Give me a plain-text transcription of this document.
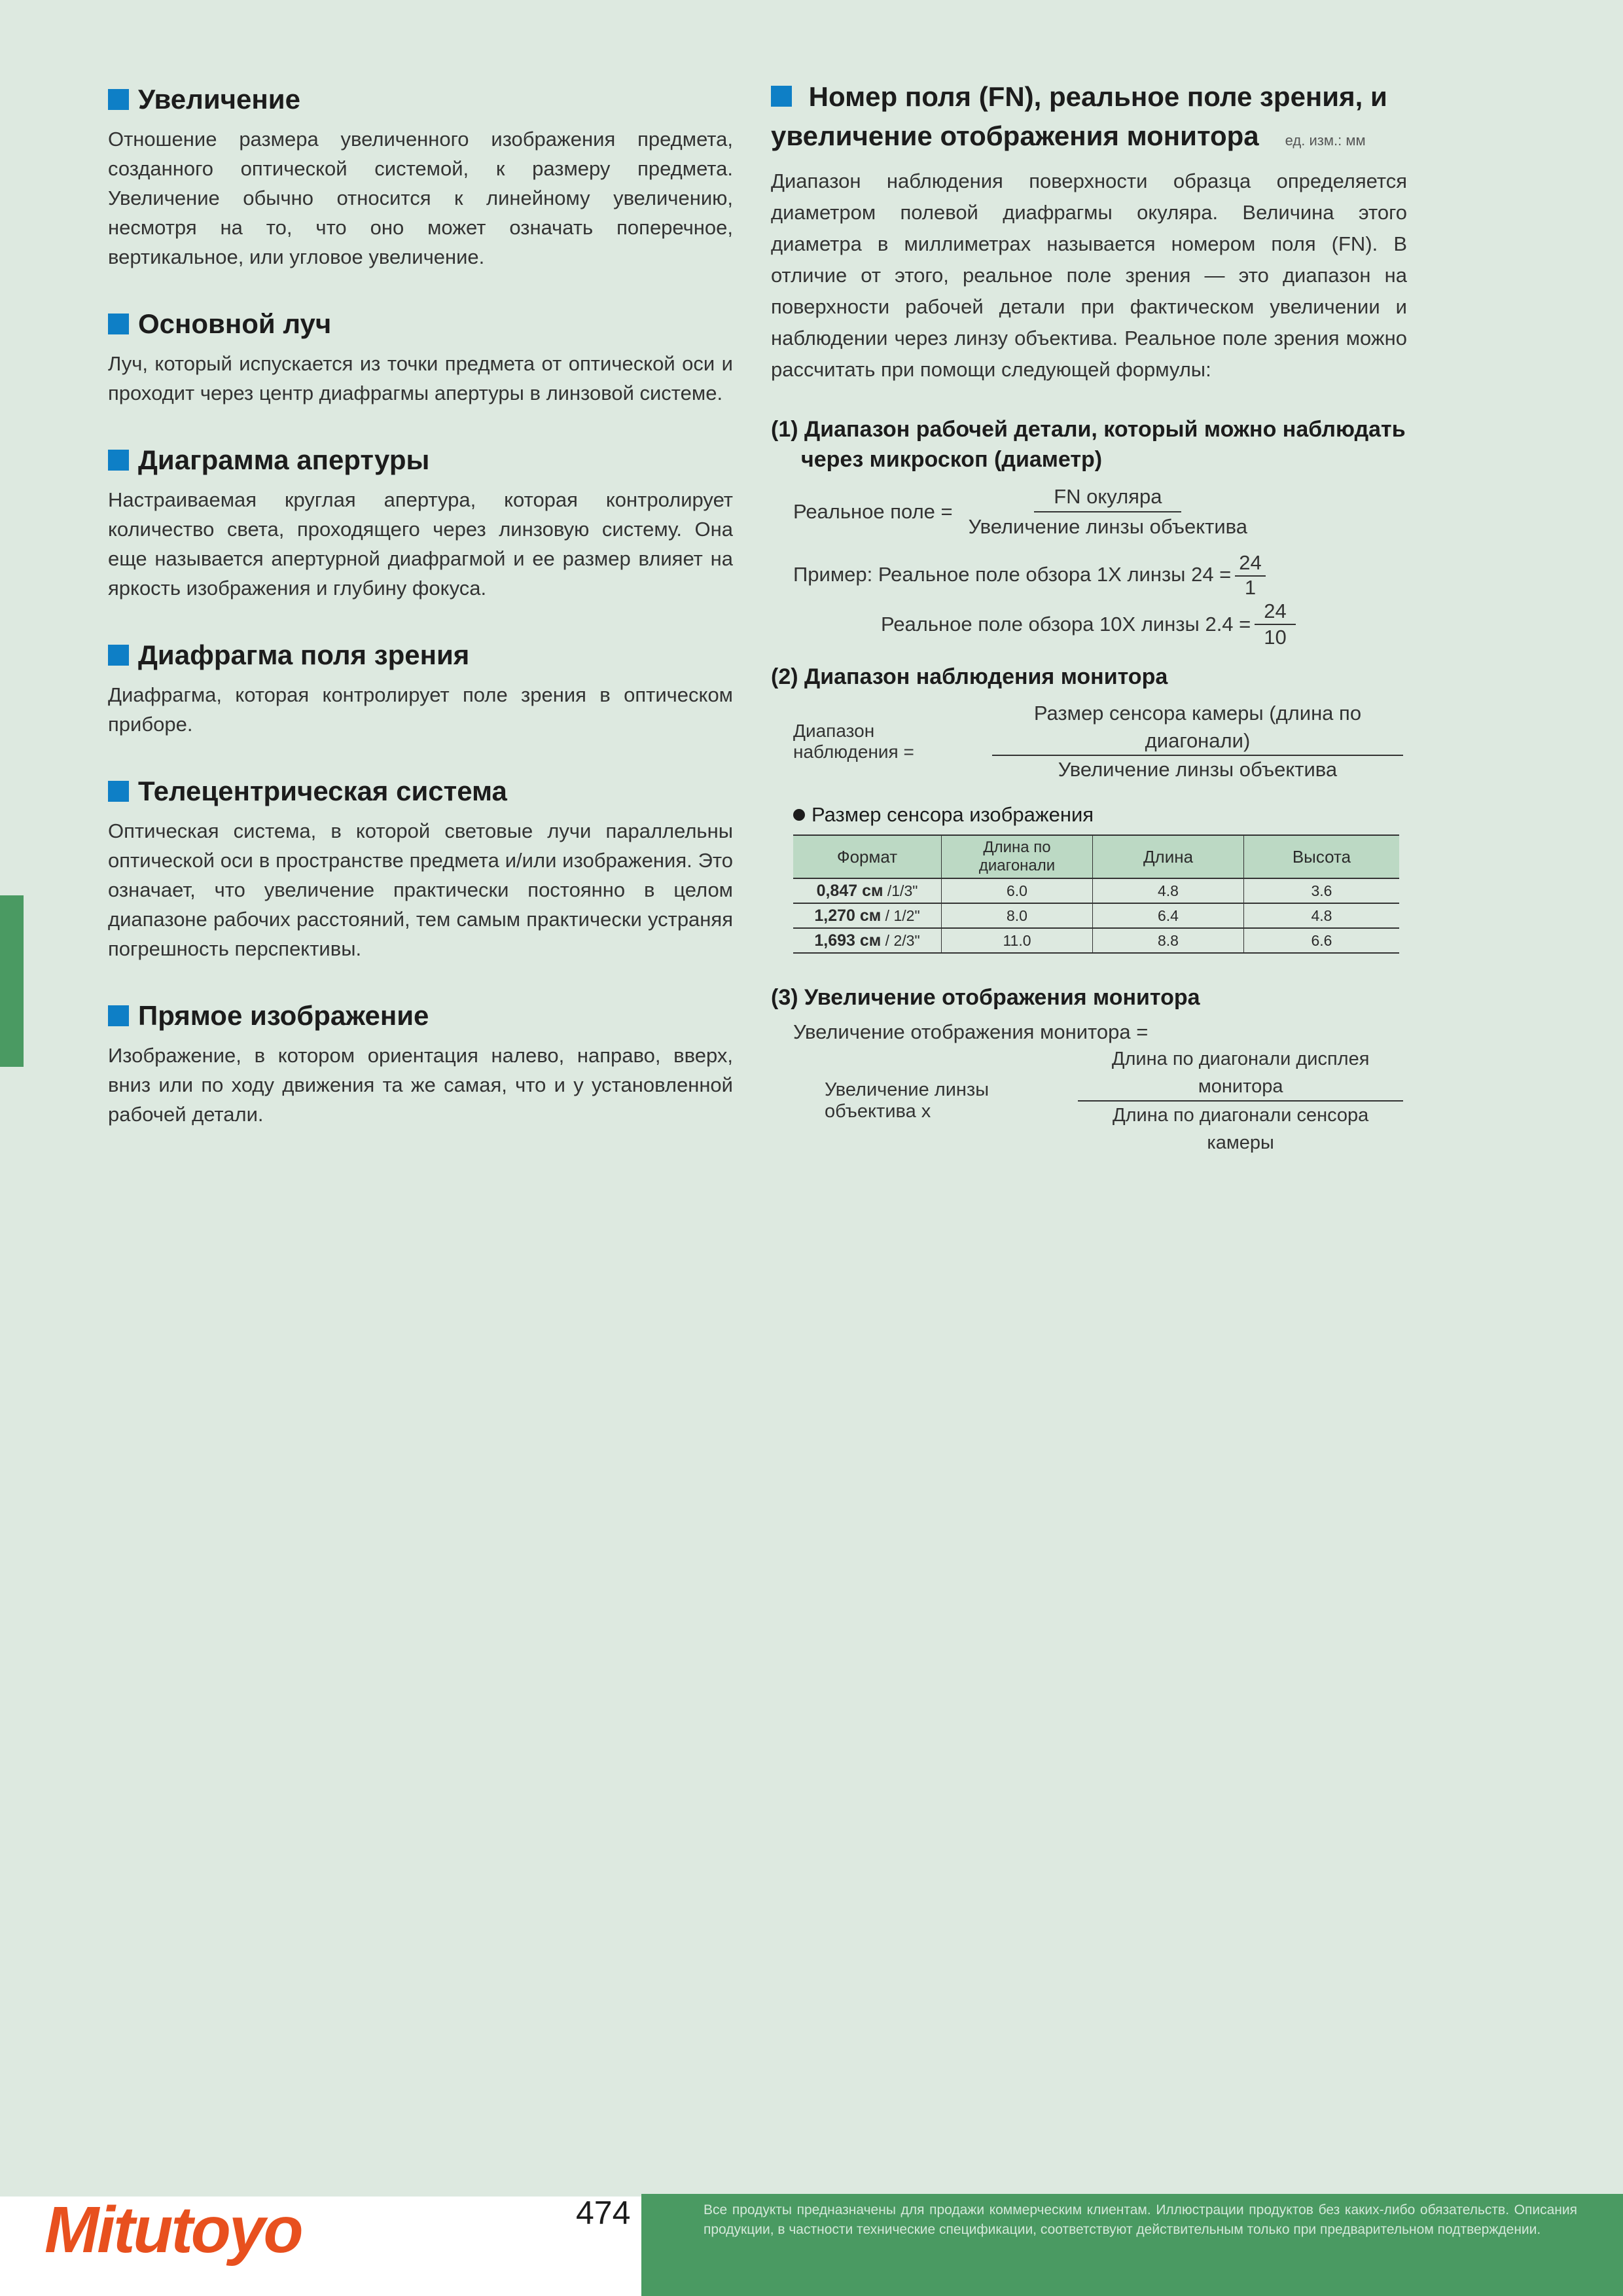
Увеличение

Отношение размера увеличенного изображения предмета, созданного оптической системой, к размеру предмета. Увеличение обычно относится к линейному увеличению, несмотря на то, что оно может означать поперечное, вертикальное, или угловое увеличение.

Основной луч

Луч, который испускается из точки предмета от оптической оси и проходит через центр диафрагмы апертуры в линзовой системе.

Диаграмма апертуры

Настраиваемая круглая апертура, которая контролирует количество света, проходящего через линзовую систему. Она еще называется апертурной диафрагмой и ее размер влияет на яркость изображения и глубину фокуса.

Диафрагма поля зрения

Диафрагма, которая контролирует поле зрения в оптическом приборе.

Телецентрическая система

Оптическая система, в которой световые лучи параллельны оптической оси в пространстве предмета и/или изображения. Это означает, что увеличение практически постоянно в целом диапазоне рабочих расстояний, тем самым практически устраняя погрешность перспективы.

Прямое изображение

Изображение, в котором ориентация налево, направо, вверх, вниз или по ходу движения та же самая, что и у установленной рабочей детали.

Номер поля (FN), реальное поле зрения, и
увеличение отображения монитора ед. изм.: мм

Диапазон наблюдения поверхности образца определяется диаметром полевой диафрагмы окуляра. Величина этого диаметра в миллиметрах называется номером поля (FN). В отличие от этого, реальное поле зрения — это диапазон на поверхности рабочей детали при фактическом увеличении и наблюдении через линзу объектива. Реальное поле зрения можно рассчитать при помощи следующей формулы:

(1) Диапазон рабочей детали, который можно наблюдать
через микроскоп (диаметр)
Реальное поле = $\frac{\text{FN окуляра}}{\text{Увеличение линзы объектива}}$
Пример: Реальное поле обзора 1X линзы $24 = \frac{24}{1}$
Реальное поле обзора 10X линзы $2.4 = \frac{24}{10}$
(2) Диапазон наблюдения монитора
Диапазон наблюдения =	$\frac{\text{Размер сенсора камеры (длина по диагонали)}}{\text{Увеличение линзы объектива}}$
Размер сенсора изображения
Формат	Длина по диагонали	Длина	Высота
0,847 см /1/3"	6.0	4.8	3.6
1,270 см / 1/2"	8.0	6.4	4.8
1,693 см / 2/3"	11.0	8.8	6.6
(3) Увеличение отображения монитора
Увеличение отображения монитора =
Увеличение линзы объектива x	$\frac{\text{Длина по диагонали дисплея монитора}}{\text{Длина по диагонали сенсора камеры}}$
Mitutoyo	474	Все продукты предназначены для продажи коммерческим клиентам. Иллюстрации продуктов без каких-либо обязательств. Описания продукции, в частности технические спецификации, соответствуют действительным только при предварительном подтверждении.
